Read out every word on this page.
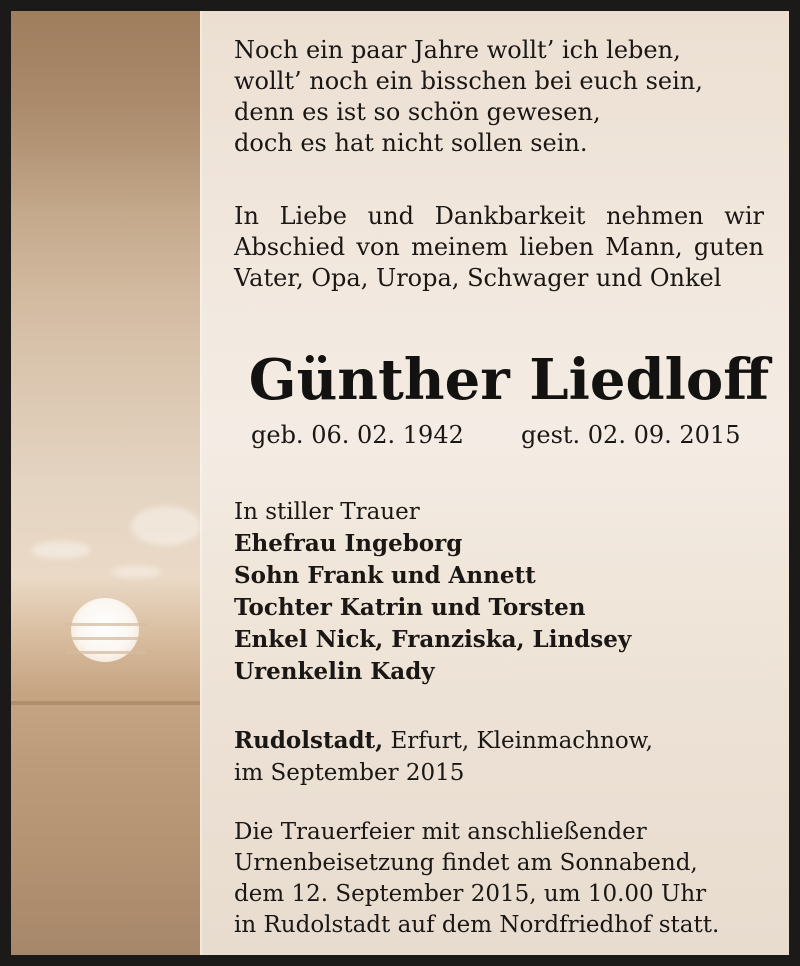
Noch ein paar Jahre wollt’ ich leben,
wollt’ noch ein bisschen bei euch sein,
denn es ist so schön gewesen,
doch es hat nicht sollen sein.
In Liebe und Dankbarkeit nehmen wir
Abschied von meinem lieben Mann, guten
Vater, Opa, Uropa, Schwager und Onkel
Günther Liedloff
geb. 06. 02. 1942 gest. 02. 09. 2015
In stiller Trauer
Ehefrau Ingeborg
Sohn Frank und Annett
Tochter Katrin und Torsten
Enkel Nick, Franziska, Lindsey
Urenkelin Kady
Rudolstadt, Erfurt, Kleinmachnow,
im September 2015
Die Trauerfeier mit anschließender
Urnenbeisetzung findet am Sonnabend,
dem 12. September 2015, um 10.00 Uhr
in Rudolstadt auf dem Nordfriedhof statt.
